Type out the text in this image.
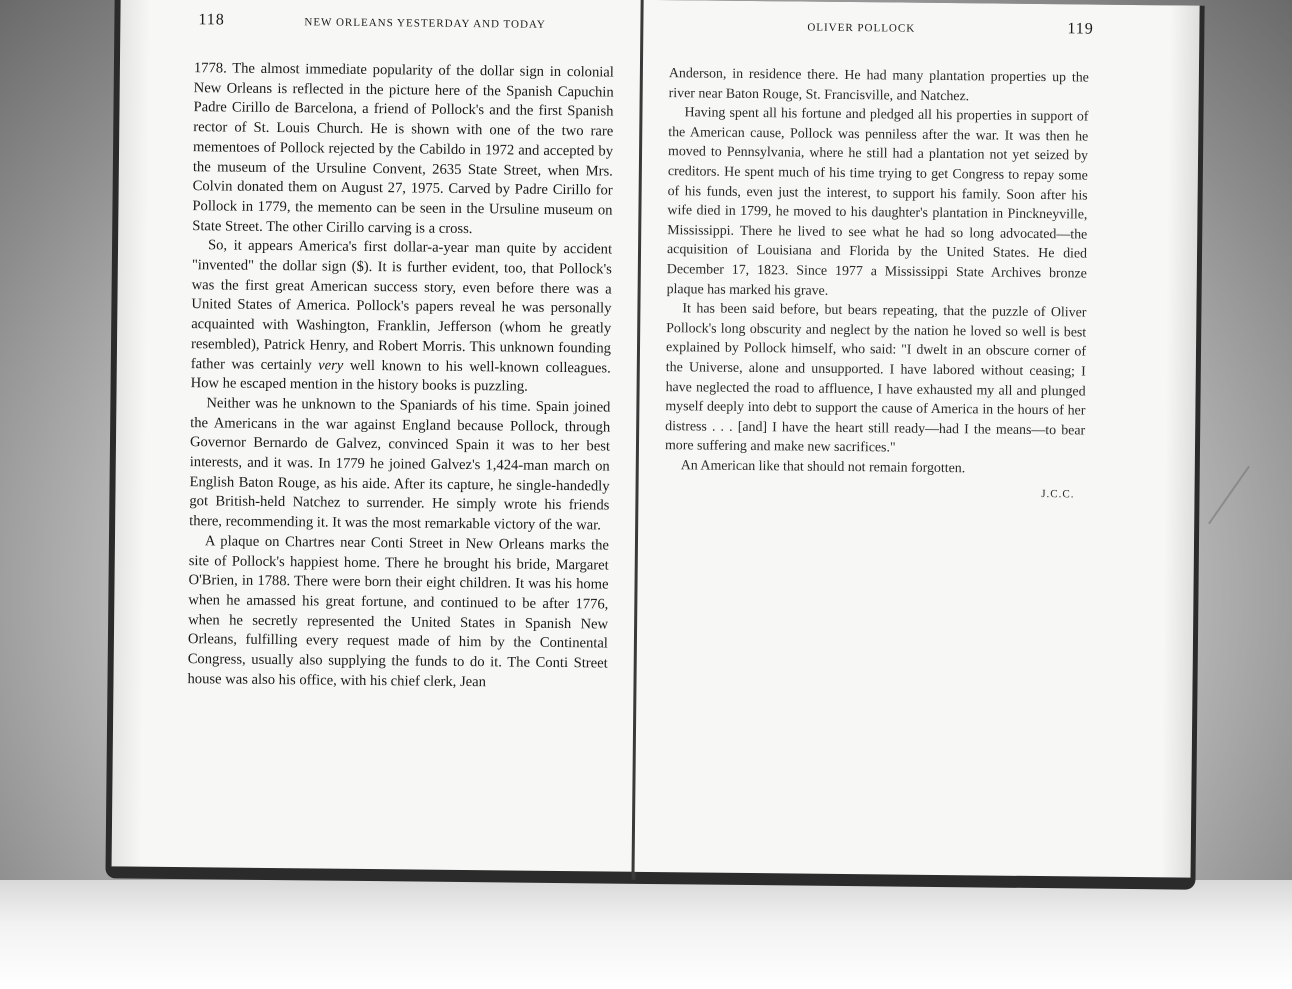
118	NEW ORLEANS YESTERDAY AND TODAY

1778. The almost immediate popularity of the dollar sign in colonial New Orleans is reflected in the picture here of the Spanish Capuchin Padre Cirillo de Barcelona, a friend of Pollock's and the first Spanish rector of St. Louis Church. He is shown with one of the two rare mementoes of Pollock rejected by the Cabildo in 1972 and accepted by the museum of the Ursuline Convent, 2635 State Street, when Mrs. Colvin donated them on August 27, 1975. Carved by Padre Cirillo for Pollock in 1779, the memento can be seen in the Ursuline museum on State Street. The other Cirillo carving is a cross.

So, it appears America's first dollar-a-year man quite by accident "invented" the dollar sign ($). It is further evident, too, that Pollock's was the first great American success story, even before there was a United States of America. Pollock's papers reveal he was personally acquainted with Washington, Franklin, Jefferson (whom he greatly resembled), Patrick Henry, and Robert Morris. This unknown founding father was certainly very well known to his well-known colleagues. How he escaped mention in the history books is puzzling.

Neither was he unknown to the Spaniards of his time. Spain joined the Americans in the war against England because Pollock, through Governor Bernardo de Galvez, convinced Spain it was to her best interests, and it was. In 1779 he joined Galvez's 1,424-man march on English Baton Rouge, as his aide. After its capture, he single-handedly got British-held Natchez to surrender. He simply wrote his friends there, recommending it. It was the most remarkable victory of the war.

A plaque on Chartres near Conti Street in New Orleans marks the site of Pollock's happiest home. There he brought his bride, Margaret O'Brien, in 1788. There were born their eight children. It was his home when he amassed his great fortune, and continued to be after 1776, when he secretly represented the United States in Spanish New Orleans, fulfilling every request made of him by the Continental Congress, usually also supplying the funds to do it. The Conti Street house was also his office, with his chief clerk, Jean

OLIVER POLLOCK	119

Anderson, in residence there. He had many plantation properties up the river near Baton Rouge, St. Francisville, and Natchez.

Having spent all his fortune and pledged all his properties in support of the American cause, Pollock was penniless after the war. It was then he moved to Pennsylvania, where he still had a plantation not yet seized by creditors. He spent much of his time trying to get Congress to repay some of his funds, even just the interest, to support his family. Soon after his wife died in 1799, he moved to his daughter's plantation in Pinckneyville, Mississippi. There he lived to see what he had so long advocated—the acquisition of Louisiana and Florida by the United States. He died December 17, 1823. Since 1977 a Mississippi State Archives bronze plaque has marked his grave.

It has been said before, but bears repeating, that the puzzle of Oliver Pollock's long obscurity and neglect by the nation he loved so well is best explained by Pollock himself, who said: "I dwelt in an obscure corner of the Universe, alone and unsupported. I have labored without ceasing; I have neglected the road to affluence, I have exhausted my all and plunged myself deeply into debt to support the cause of America in the hours of her distress . . . [and] I have the heart still ready—had I the means—to bear more suffering and make new sacrifices."

An American like that should not remain forgotten.

J.C.C.
